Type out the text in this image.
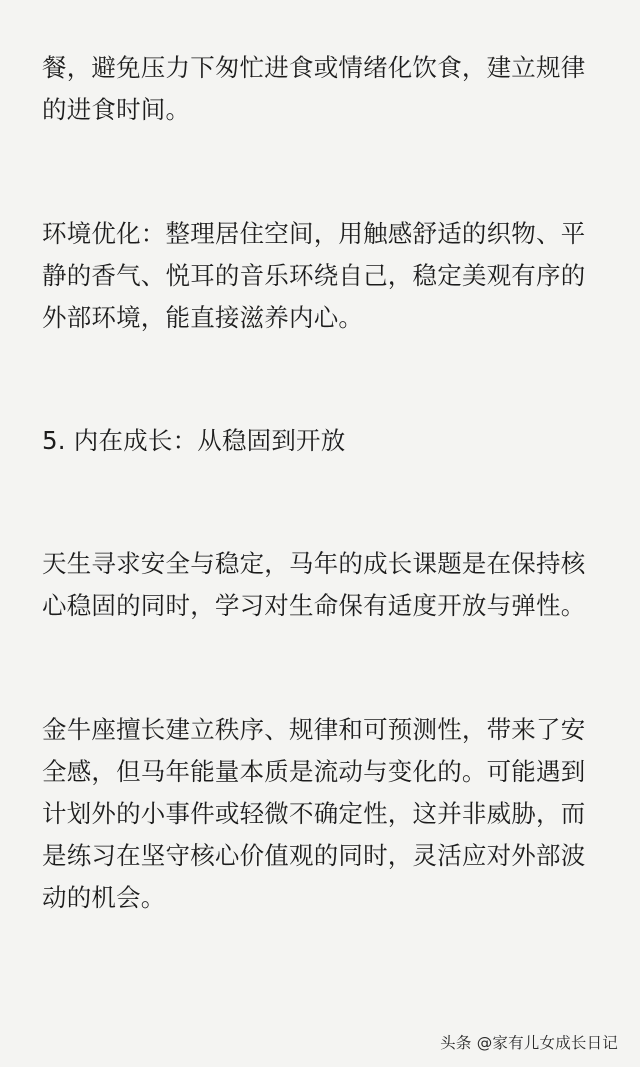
餐，避免压力下匆忙进食或情绪化饮食，建立规律
的进食时间。
环境优化：整理居住空间，用触感舒适的织物、平
静的香气、悦耳的音乐环绕自己，稳定美观有序的
外部环境，能直接滋养内心。
5. 内在成长：从稳固到开放
天生寻求安全与稳定，马年的成长课题是在保持核
心稳固的同时，学习对生命保有适度开放与弹性。
金牛座擅长建立秩序、规律和可预测性，带来了安
全感，但马年能量本质是流动与变化的。可能遇到
计划外的小事件或轻微不确定性，这并非威胁，而
是练习在坚守核心价值观的同时，灵活应对外部波
动的机会。
头条 @家有儿女成长日记
